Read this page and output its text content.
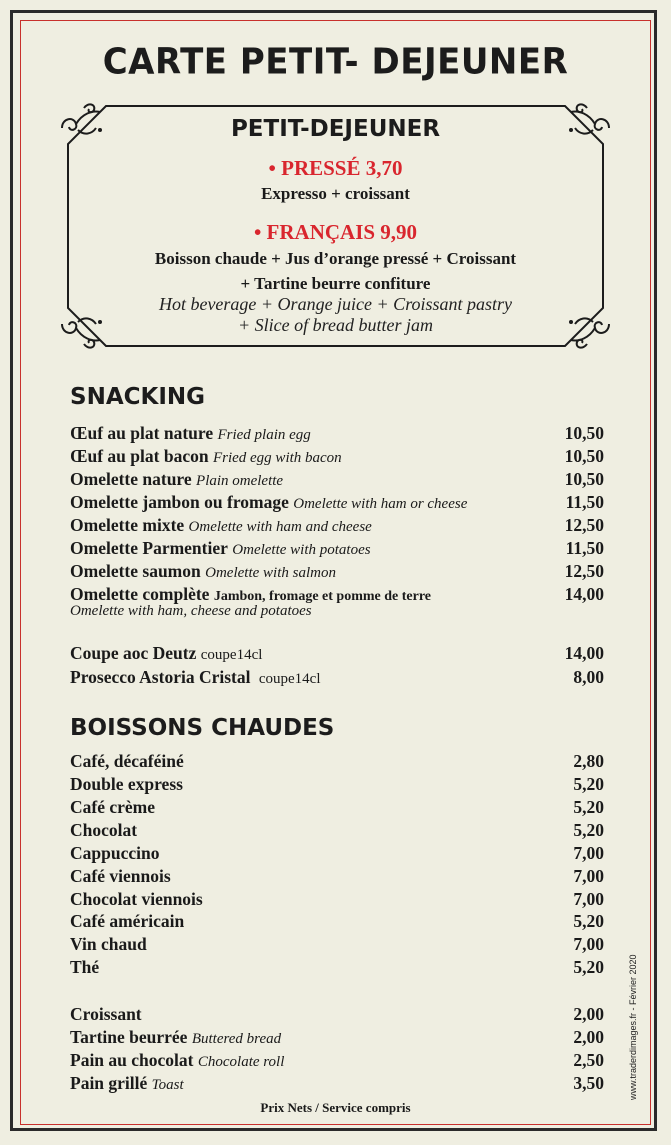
CARTE PETIT- DEJEUNER
PETIT-DEJEUNER
• PRESSÉ 3,70
Expresso + croissant
• FRANÇAIS 9,90
Boisson chaude + Jus d’orange pressé + Croissant
+ Tartine beurre confiture
Hot beverage + Orange juice + Croissant pastry
+ Slice of bread butter jam
SNACKING
Œuf au plat nature Fried plain egg	10,50
Œuf au plat bacon Fried egg with bacon	10,50
Omelette nature Plain omelette	10,50
Omelette jambon ou fromage Omelette with ham or cheese	11,50
Omelette mixte Omelette with ham and cheese	12,50
Omelette Parmentier Omelette with potatoes	11,50
Omelette saumon Omelette with salmon	12,50
Omelette complète Jambon, fromage et pomme de terre	14,00
Omelette with ham, cheese and potatoes
Coupe aoc Deutz coupe14cl	14,00
Prosecco Astoria Cristal coupe14cl	8,00
BOISSONS CHAUDES
Café, décaféiné	2,80
Double express	5,20
Café crème	5,20
Chocolat	5,20
Cappuccino	7,00
Café viennois	7,00
Chocolat viennois	7,00
Café américain	5,20
Vin chaud	7,00
Thé	5,20
Croissant	2,00
Tartine beurrée Buttered bread	2,00
Pain au chocolat Chocolate roll	2,50
Pain grillé Toast	3,50
Prix Nets / Service compris
www.traderdimages.fr - Février 2020
